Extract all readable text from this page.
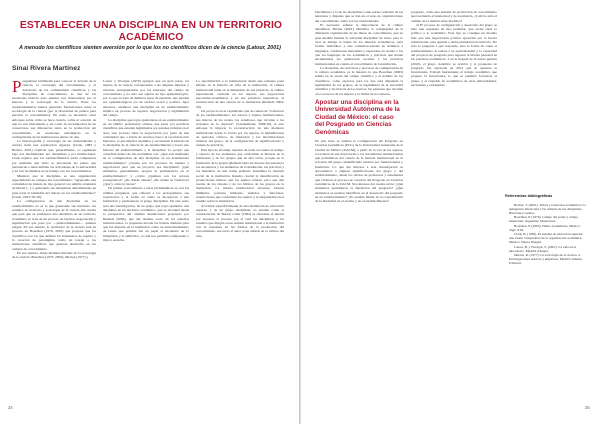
ESTABLECER UNA DISCIPLINA EN UN TERRITORIO ACADÉMICO

A menudo los científicos sienten aversión por lo que los no científicos dicen de la ciencia (Latour, 2001)

Sinai Rivera Martínez

Preguntarse fácilmente para conocer el devenir de la ciencia, la sociología del conocimiento, y el desarrollo de las comunidades científicas y las disciplinas de conocimiento, es una de las cuestiones básicas para quienes nos interesamos por la historia y la sociología de la ciencia. Entre los cuestionamientos hemos generado fluctuaciones sobre la sociología de la ciencia (por la diversidad de puntos para percibir el conocimiento). En tanto se necesitan otros enfoques sobre cómo se hace ciencia, sobre el acuerdo de que no son únicamente y así como de investigación ha de conservarse sus diferencias tanto en la producción del conocimiento, en cuestiones estratégicas en la configuración de las instituciones dentro de una.

La historiografía y sociología de las universidades y ciencia tiene una explicación superior (Clark, 1983 y Becher, 2001) explican que, generalmente, os organizan bajo dos modalidades: por disciplinas y por instituciones. Clark explica que los establecimientos están compuestos por unidades que tanto se preocupan las partes que pertenecen e intercambian las actividades de la universidad y no son las mismas en su trabajo con los conocimientos.

Mientras que la disciplina, es una organización especializada en campos del conocimiento, "agrupando una comunidad de interés de tipo general con amplia extensión territorial (...) y generando las disciplinas determinantes en gran parte la identidad del trabajo en los establecimientos" (Clark, 1983: 56-58).

La configuración de una disciplina en un establecimiento no es lo que generando sus intereses, los estudios de territorio y sociología de la ciencia dan cuenta que para que se establezca una disciplina en un territorio académico se trata de un proceso de ruptura, negociación y legitimación que pasa por —primordialmente— quienes exigen. En ese sentido, lo normativo de la ciencia está en proceso de Bourdieu (1976, 2003) que propone que los científicos son los que definen los fenómenos de ruptura y la creación de paradigmas como un pasaje a los instituciones científicas que generan desarrollo en los campos de conocimiento.

En ese sentido, desde distintas miradas de la sociología de la ciencia: Bourdieu (1975, 2003), Merton (1977) y

Latour y Woolgar (1979) agregan que en gran parte, los sujetos de la ciencia corresponden a las disputas internas y externas protagonizadas por los intereses del campo de conocimiento y no sólo son sujetos de tipo epistemológico, por lo que se trata de distintos tipos de rupturas, que pueden ser, epistemológicas y/o de carácter social y político. Ayer entonces, establece una disciplina en un establecimiento implica un proceso de ruptura, negociación y legitimación del campo.

La disciplina que logra apuntalarse en un establecimiento en un ámbito profesional obtiene que pasar por prácticas científicas que estarían legitimadas por quienes trabajan en el área; este proceso tiene la negociación por parte de una comunidad que a través de recursos busca la reconstrucción histórica, lo que implica examinar y reconstruir la historia de la disciplina de la ciencia de un establecimiento y hacer una historia del establecimiento y la disciplina. Lo propio que consolida dentro de sus problemas con: ¿Qué está mediando en la configuración de una disciplina en un determinado establecimiento? ¿Cuáles son los procesos de ruptura y negociación para que un proyecto sea disciplinar? ¿Qué elementos generalmente apoyan la permanencia en el establecimiento?, y ¿cómo ¿Quiénes son los actores protagónicos? ¿De dónde vienen? ¿De dónde se formaron? ¿Qué y cómo lo hacen?

Un primer acercamiento a estas problemáticas es con las ultimas preguntas, que refieren a los protagonistas, sus trayectorias y la forma en cómo se incorporan a una institución y permanecen al grupo disciplinar. De este texto será una investigación, de un grupo que logra apuntalar una disciplina en un territorio académico, que se abordará desde la perspectiva del análisis institucional propuesto por Remedi (2006), que del análisis socio de los estudios institucionales, la propuesta aborda las formas distintas para que las disputas en la institución como un entrecruzamiento de tantas que permite dar un papel al encuentro de lo imaginario y lo simbólico, lo cual nos permitió comprender y mayor escucha.

La aproximación a lo institucional desde este enfoque pone énfasis en la historia de vida de la institución, la cultura institucional leída en la dimensión de sus prácticas, la cultura experiencial, centrada en los sujetos, sus trayectorias personales-académicas y en sus prácticas expresivas, la construcción de una ciencia de la institución (Remedi, 2004: 26).

Un proyecto en el capitalismo que da cuenta de "la historia de los establecimientos, los actores y sujetos institucionales, sus marcas de los reales, los estudiosos que circulan a los recientes de lo superior" (Landesmann, 2006:18). A este enfoque le importa la reconstrucción de una memoria institucional desde lo vivido por los sujetos, la identificación de periodos críticos, de fundación y las movilizaciones internas del grupo, de la configuración de significaciones y rutinas de prácticas.

Este tipo de abordaje requiere de tener en cuenta el tiempo y espacio de los elementos que conforman la historia de la institución y de los grupos que en ella viven, porque en la fundación de la propia (Remedi toma las marcas del pasado) a los encuentros y los elementos de la institución, las prácticas y los mandatos de una trama primario determina la relación social de la institución. Resulta crucial la identificación de producciones míticas que los sujetos relatan, pero que dan cuenta de los rituales y de los hábitos de los grupos en la institución. La mirada institucional atraviesa saberes múltiples, posturas humanas, sentidos y funciones, transacciones que conforman los sujetos y la subjetividad en el estudio sobre la institución.

Al tramar específicamente de una institución de educación superior y de un grupo disciplinar, es notable como la consideración de Burton Clark (1983) es relevante el interés por nosotras el proceso por el cual las disciplinas y los estudios que dirigen en un sentido institucional a la institución con la respuesta en las formas de la producción del conocimiento, ese texto al autor pone énfasis en la cultura del esta-

34

blecimiento y la de las disciplinas como partes centrales de las tensiones y disputas que se dan en el seno de organizaciones del conocimiento como son las universidades.

Es necesario señalar la importancia de la cultura disciplinar. Becher (2001) identifica la complejidad de la diferencia organización de las líneas de conocimiento, que en gran medida tienden la actividad disciplinar de estos, para lo cual se indaga la trama de los mundos académicos, para formar individuos y aire comunicacionales en términos a lenguajes, condiciones materiales y especiales en cuanto a los que los lenguajes de los académicos y prácticas que tienen encaminadas los quehaceres sociales y las prácticas institucionales en cuanto al conocimiento de la institución.

La disciplina, sus prácticas y procesos de configuración de la cultura académica, es la muestra lo que Bourdieu (2003) señala en su teoría del campo científico y el habitus de los científicos, como espacios para los que está disputada la legitimidad de los grupos, de la legitimidad de la autoridad científica y las marcas de los nuevos, las pasiones que circulan a los recursos de los sujetos y la fusión de los saberes.

Apostar una disciplina en la Universidad Autónoma de la Ciudad de México: el caso del Posgrado en Ciencias Genómicas

En este texto se analiza la configuración del Posgrado en Ciencias Genómicas (PCG) de la Universidad Autónoma de la Ciudad de México (UACM), a partir de la voz de los sujetos, la revisión de sus trayectorias y los documentos institucionales que permitieron dar cuenta de la historia institucional en la creación del grupo, identificando núcleos por fundacionales y fundación. Lo que me importa a esta investigación es aproximarse a algunas significaciones del grupo y del establecimiento, desde los relatos de profesores y estudiantes que vivieron el proceso de creación del Posgrado en Ciencias Genómicas de la UACM. Nos interesa dar cuenta sobre: ¿Qué elementos permitieron la fundación del posgrado? ¿Qué elementos se pueden identificar en el desarrollo del posgrado en un establecimiento? ¿Es posible hablar de la consolidación de la disciplina en el recinto y en el establecimiento?

posgrado, como una sistema de producción de conocimiento aprovechando el intelectual y de excelencia. ¿Cuál ha sido el camino de la tensión entre modelos?

2) El proceso de configuración y desarrollo del grupo se hizo una respuesta de tipo pendular, que oscila entre lo político y lo académico. Este tipo se consigue un modelo más que una negociación política ejecutada por la fuerza institucional, para apuntar a dicha pluralidad en territorio. No sólo la pregunta a qué responde, sino la forma de cómo el establecimiento se resiste a su particularidad y la capacidad del proyecto de posgrado para regresar al interés personal en las prácticas académicas. Con la llegada de la nueva gestión (2010), el grupo científico se revirtió y la propuesta de posgrado fue aprobada en 2012 que se apertura la licenciatura. Trabajó fuertemente el trabajo académico que propuso la licenciatura, lo que se permitió fortalecer el grupo, y el respaldo de académicos de otras universidades, nacionales y extranjeras.

Referencias bibliográficas

Becher, T. (2001). Tribus y territorios académicos: la indagación intelectual y las culturas de las disciplinas. Barcelona: Gedisa.

Bourdieu, P. (1976). Campo del poder y campo intelectual. Argentina: Montressor.

Bourdieu, P. (2003). Homo academicus. México: Siglo XXI.

Clark, B. (1983). El sistema de educación superior: una visión comparativa de la organización académica. México: Nueva Imagen.

Latour, B. y Woolgar, S. (2001). La vida en el laboratorio. Madrid: Alianza.

Merton, R. (1977). La sociología de la ciencia. 2. Investigaciones teóricas y empíricas. Madrid: Alianza Editorial.

35
